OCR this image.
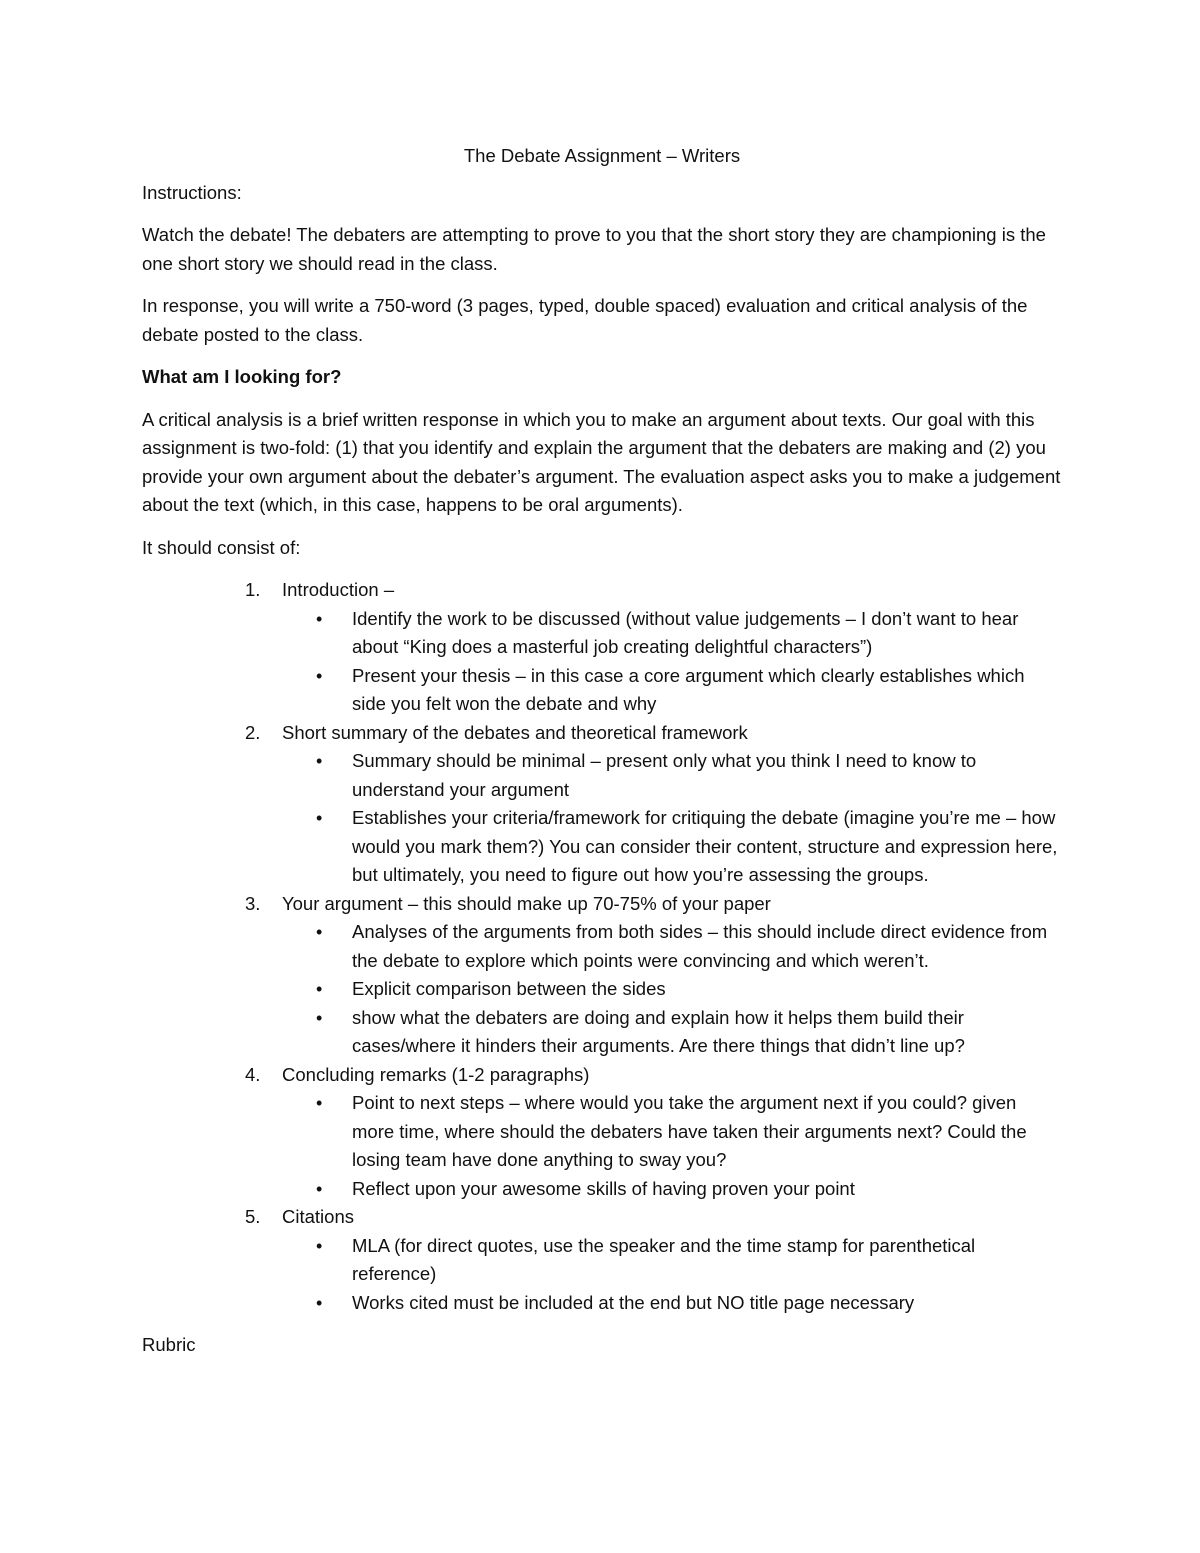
The Debate Assignment – Writers

Instructions:

Watch the debate! The debaters are attempting to prove to you that the short story they are championing is the one short story we should read in the class.

In response, you will write a 750-word (3 pages, typed, double spaced) evaluation and critical analysis of the debate posted to the class.

What am I looking for?

A critical analysis is a brief written response in which you to make an argument about texts. Our goal with this assignment is two-fold: (1) that you identify and explain the argument that the debaters are making and (2) you provide your own argument about the debater’s argument. The evaluation aspect asks you to make a judgement about the text (which, in this case, happens to be oral arguments).

It should consist of:

1. Introduction –
• Identify the work to be discussed (without value judgements – I don’t want to hear about “King does a masterful job creating delightful characters”)
• Present your thesis – in this case a core argument which clearly establishes which side you felt won the debate and why
2. Short summary of the debates and theoretical framework
• Summary should be minimal – present only what you think I need to know to understand your argument
• Establishes your criteria/framework for critiquing the debate (imagine you’re me – how would you mark them?) You can consider their content, structure and expression here, but ultimately, you need to figure out how you’re assessing the groups.
3. Your argument – this should make up 70-75% of your paper
• Analyses of the arguments from both sides – this should include direct evidence from the debate to explore which points were convincing and which weren’t.
• Explicit comparison between the sides
• show what the debaters are doing and explain how it helps them build their cases/where it hinders their arguments. Are there things that didn’t line up?
4. Concluding remarks (1-2 paragraphs)
• Point to next steps – where would you take the argument next if you could? given more time, where should the debaters have taken their arguments next? Could the losing team have done anything to sway you?
• Reflect upon your awesome skills of having proven your point
5. Citations
• MLA (for direct quotes, use the speaker and the time stamp for parenthetical reference)
• Works cited must be included at the end but NO title page necessary

Rubric
